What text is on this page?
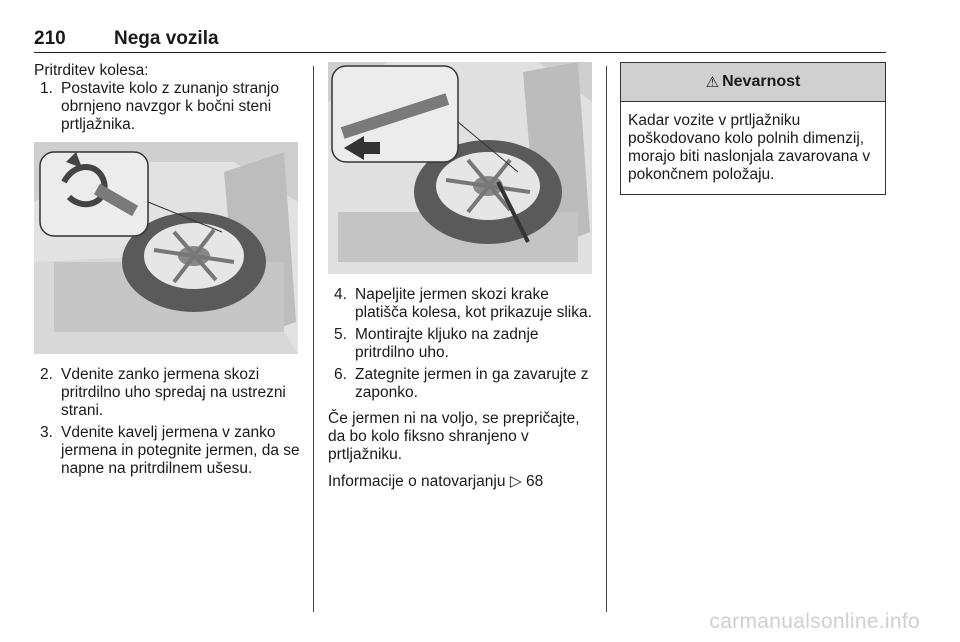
210	Nega vozila

Pritrditev kolesa:

1. Postavite kolo z zunanjo stranjo obrnjeno navzgor k bočni steni prtljažnika.
2. Vdenite zanko jermena skozi pritrdilno uho spredaj na ustrezni strani.
3. Vdenite kavelj jermena v zanko jermena in potegnite jermen, da se napne na pritrdilnem ušesu.
4. Napeljite jermen skozi krake platišča kolesa, kot prikazuje slika.
5. Montirajte kljuko na zadnje pritrdilno uho.
6. Zategnite jermen in ga zavarujte z zaponko.

Če jermen ni na voljo, se prepričajte, da bo kolo fiksno shranjeno v prtljažniku.

Informacije o natovarjanju ▷ 68

⚠ Nevarnost
Kadar vozite v prtljažniku poškodovano kolo polnih dimenzij, morajo biti naslonjala zavarovana v pokončnem položaju.
carmanualsonline.info
